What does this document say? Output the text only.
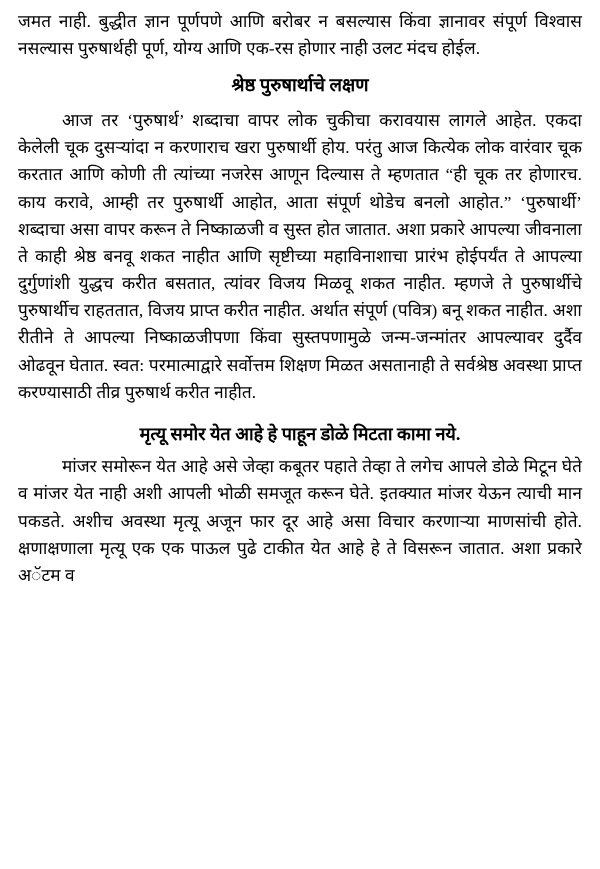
जमत नाही. बुद्धीत ज्ञान पूर्णपणे आणि बरोबर न बसल्यास किंवा ज्ञानावर संपूर्ण विश्वास नसल्यास पुरुषार्थही पूर्ण, योग्य आणि एक-रस होणार नाही उलट मंदच होईल.

श्रेष्ठ पुरुषार्थाचे लक्षण

आज तर ‘पुरुषार्थ’ शब्दाचा वापर लोक चुकीचा करावयास लागले आहेत. एकदा केलेली चूक दुसऱ्यांदा न करणाराच खरा पुरुषार्थी होय. परंतु आज कित्येक लोक वारंवार चूक करतात आणि कोणी ती त्यांच्या नजरेस आणून दिल्यास ते म्हणतात “ही चूक तर होणारच. काय करावे, आम्ही तर पुरुषार्थी आहोत, आता संपूर्ण थोडेच बनलो आहोत.” ‘पुरुषार्थी’ शब्दाचा असा वापर करून ते निष्काळजी व सुस्त होत जातात. अशा प्रकारे आपल्या जीवनाला ते काही श्रेष्ठ बनवू शकत नाहीत आणि सृष्टीच्या महाविनाशाचा प्रारंभ होईपर्यंत ते आपल्या दुर्गुणांशी युद्धच करीत बसतात, त्यांवर विजय मिळवू शकत नाहीत. म्हणजे ते पुरुषार्थीचे पुरुषार्थीच राहततात, विजय प्राप्त करीत नाहीत. अर्थात संपूर्ण (पवित्र) बनू शकत नाहीत. अशा रीतीने ते आपल्या निष्काळजीपणा किंवा सुस्तपणामुळे जन्म-जन्मांतर आपल्यावर दुर्दैव ओढवून घेतात. स्वत: परमात्माद्वारे सर्वोत्तम शिक्षण मिळत असतानाही ते सर्वश्रेष्ठ अवस्था प्राप्त करण्यासाठी तीव्र पुरुषार्थ करीत नाहीत.

मृत्यू समोर येत आहे हे पाहून डोळे मिटता कामा नये.

मांजर समोरून येत आहे असे जेव्हा कबूतर पहाते तेव्हा ते लगेच आपले डोळे मिटून घेते व मांजर येत नाही अशी आपली भोळी समजूत करून घेते. इतक्यात मांजर येऊन त्याची मान पकडते. अशीच अवस्था मृत्यू अजून फार दूर आहे असा विचार करणाऱ्या माणसांची होते. क्षणाक्षणाला मृत्यू एक एक पाऊल पुढे टाकीत येत आहे हे ते विसरून जातात. अशा प्रकारे अॅटम व
